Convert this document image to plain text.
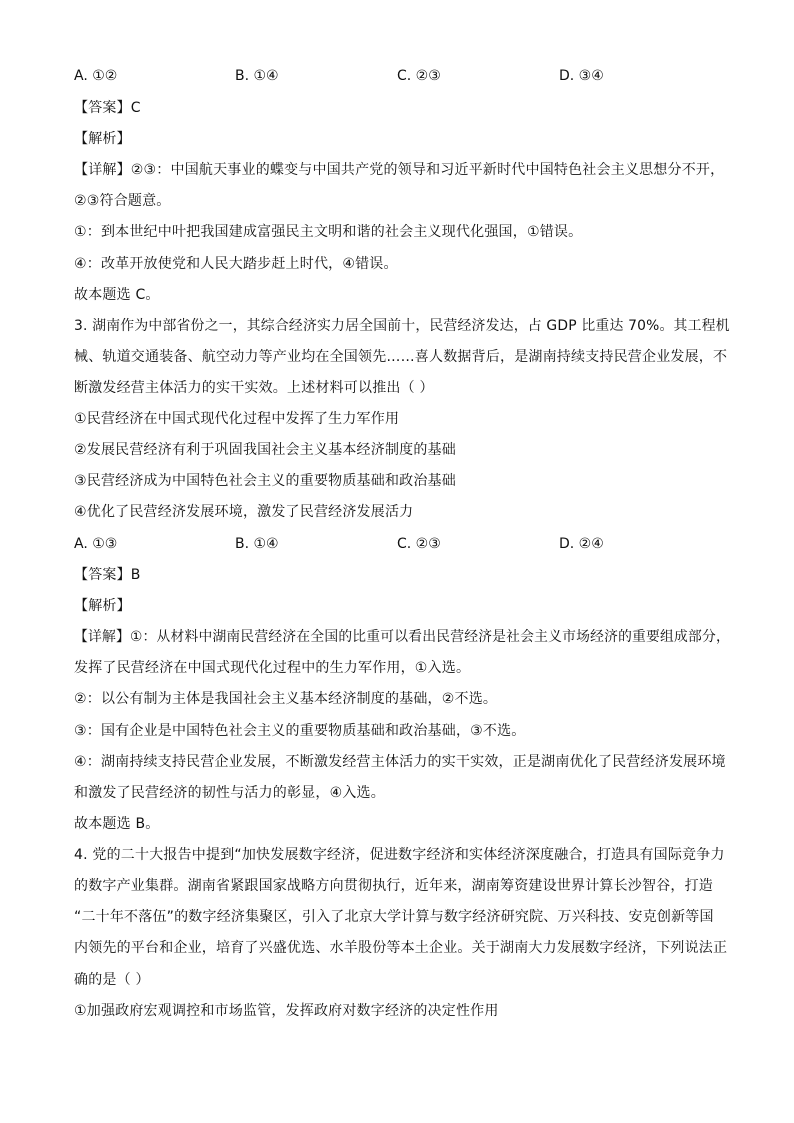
A. ①②	B. ①④	C. ②③	D. ③④
【答案】C
【解析】
【详解】②③：中国航天事业的蝶变与中国共产党的领导和习近平新时代中国特色社会主义思想分不开，
②③符合题意。
①：到本世纪中叶把我国建成富强民主文明和谐的社会主义现代化强国，①错误。
④：改革开放使党和人民大踏步赶上时代，④错误。
故本题选 C。
3. 湖南作为中部省份之一，其综合经济实力居全国前十，民营经济发达，占 GDP 比重达 70%。其工程机
械、轨道交通装备、航空动力等产业均在全国领先……喜人数据背后，是湖南持续支持民营企业发展，不
断激发经营主体活力的实干实效。上述材料可以推出（ ）
①民营经济在中国式现代化过程中发挥了生力军作用
②发展民营经济有利于巩固我国社会主义基本经济制度的基础
③民营经济成为中国特色社会主义的重要物质基础和政治基础
④优化了民营经济发展环境，激发了民营经济发展活力
A. ①③	B. ①④	C. ②③	D. ②④
【答案】B
【解析】
【详解】①：从材料中湖南民营经济在全国的比重可以看出民营经济是社会主义市场经济的重要组成部分，
发挥了民营经济在中国式现代化过程中的生力军作用，①入选。
②：以公有制为主体是我国社会主义基本经济制度的基础，②不选。
③：国有企业是中国特色社会主义的重要物质基础和政治基础，③不选。
④：湖南持续支持民营企业发展，不断激发经营主体活力的实干实效，正是湖南优化了民营经济发展环境
和激发了民营经济的韧性与活力的彰显，④入选。
故本题选 B。
4. 党的二十大报告中提到“加快发展数字经济，促进数字经济和实体经济深度融合，打造具有国际竞争力
的数字产业集群。湖南省紧跟国家战略方向贯彻执行，近年来，湖南筹资建设世界计算长沙智谷，打造
“二十年不落伍”的数字经济集聚区，引入了北京大学计算与数字经济研究院、万兴科技、安克创新等国
内领先的平台和企业，培育了兴盛优选、水羊股份等本土企业。关于湖南大力发展数字经济，下列说法正
确的是（ ）
①加强政府宏观调控和市场监管，发挥政府对数字经济的决定性作用
